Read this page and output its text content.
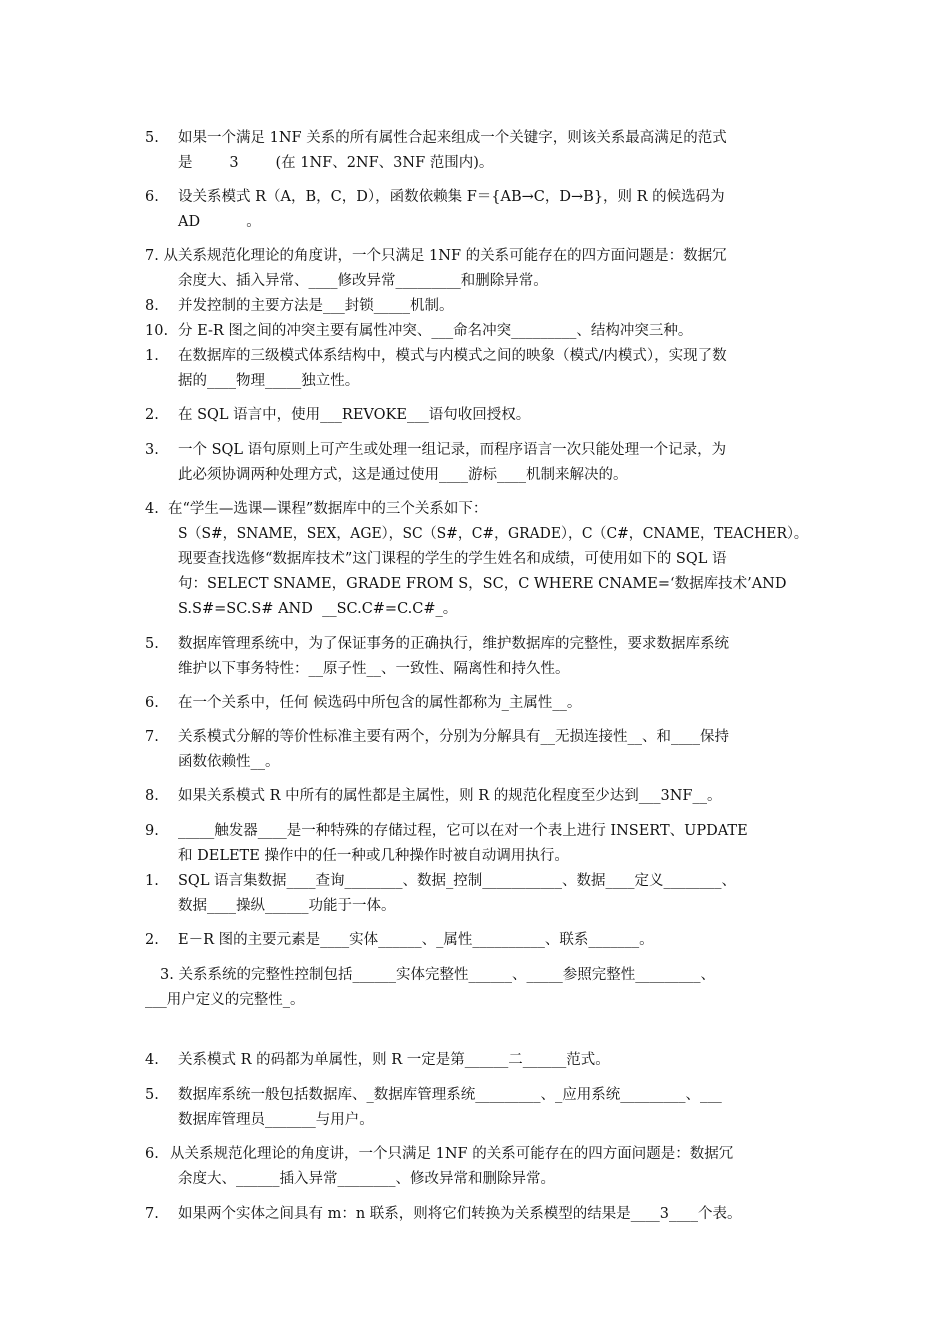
5. 如果一个满足 1NF 关系的所有属性合起来组成一个关键字，则该关系最高满足的范式
是        3        (在 1NF、2NF、3NF 范围内)。
6. 设关系模式 R（A，B，C，D），函数依赖集 F＝{AB→C，D→B}，则 R 的候选码为
AD          。
7. 从关系规范化理论的角度讲，一个只满足 1NF 的关系可能存在的四方面问题是：数据冗
余度大、插入异常、____修改异常_________和删除异常。
8. 并发控制的主要方法是___封锁_____机制。
10. 分 E-R 图之间的冲突主要有属性冲突、___命名冲突_________、结构冲突三种。
1. 在数据库的三级模式体系结构中，模式与内模式之间的映象（模式/内模式），实现了数
据的____物理_____独立性。
2. 在 SQL 语言中，使用___REVOKE___语句收回授权。
3. 一个 SQL 语句原则上可产生或处理一组记录，而程序语言一次只能处理一个记录，为
此必须协调两种处理方式，这是通过使用____游标____机制来解决的。
4. 在“学生—选课—课程”数据库中的三个关系如下：
S（S#，SNAME，SEX，AGE），SC（S#，C#，GRADE），C（C#，CNAME，TEACHER）。
现要查找选修“数据库技术”这门课程的学生的学生姓名和成绩，可使用如下的 SQL 语
句：SELECT SNAME，GRADE FROM S，SC，C WHERE CNAME=‘数据库技术’AND
S.S#=SC.S# AND  __SC.C#=C.C#_。
5. 数据库管理系统中，为了保证事务的正确执行，维护数据库的完整性，要求数据库系统
维护以下事务特性：__原子性__、一致性、隔离性和持久性。
6. 在一个关系中，任何 候选码中所包含的属性都称为_主属性__。
7. 关系模式分解的等价性标准主要有两个，分别为分解具有__无损连接性__、和____保持
函数依赖性__。
8. 如果关系模式 R 中所有的属性都是主属性，则 R 的规范化程度至少达到___3NF__。
9. _____触发器____是一种特殊的存储过程，它可以在对一个表上进行 INSERT、UPDATE
和 DELETE 操作中的任一种或几种操作时被自动调用执行。
1. SQL 语言集数据____查询________、数据_控制___________、数据____定义________、
数据____操纵______功能于一体。
2. E－R 图的主要元素是____实体______、_属性__________、联系_______。
3. 关系系统的完整性控制包括______实体完整性______、_____参照完整性_________、
___用户定义的完整性_。
4. 关系模式 R 的码都为单属性，则 R 一定是第______二______范式。
5. 数据库系统一般包括数据库、_数据库管理系统_________、_应用系统_________、___
数据库管理员_______与用户。
6. 从关系规范化理论的角度讲，一个只满足 1NF 的关系可能存在的四方面问题是：数据冗
余度大、______插入异常________、修改异常和删除异常。
7. 如果两个实体之间具有 m：n 联系，则将它们转换为关系模型的结果是____3____个表。
